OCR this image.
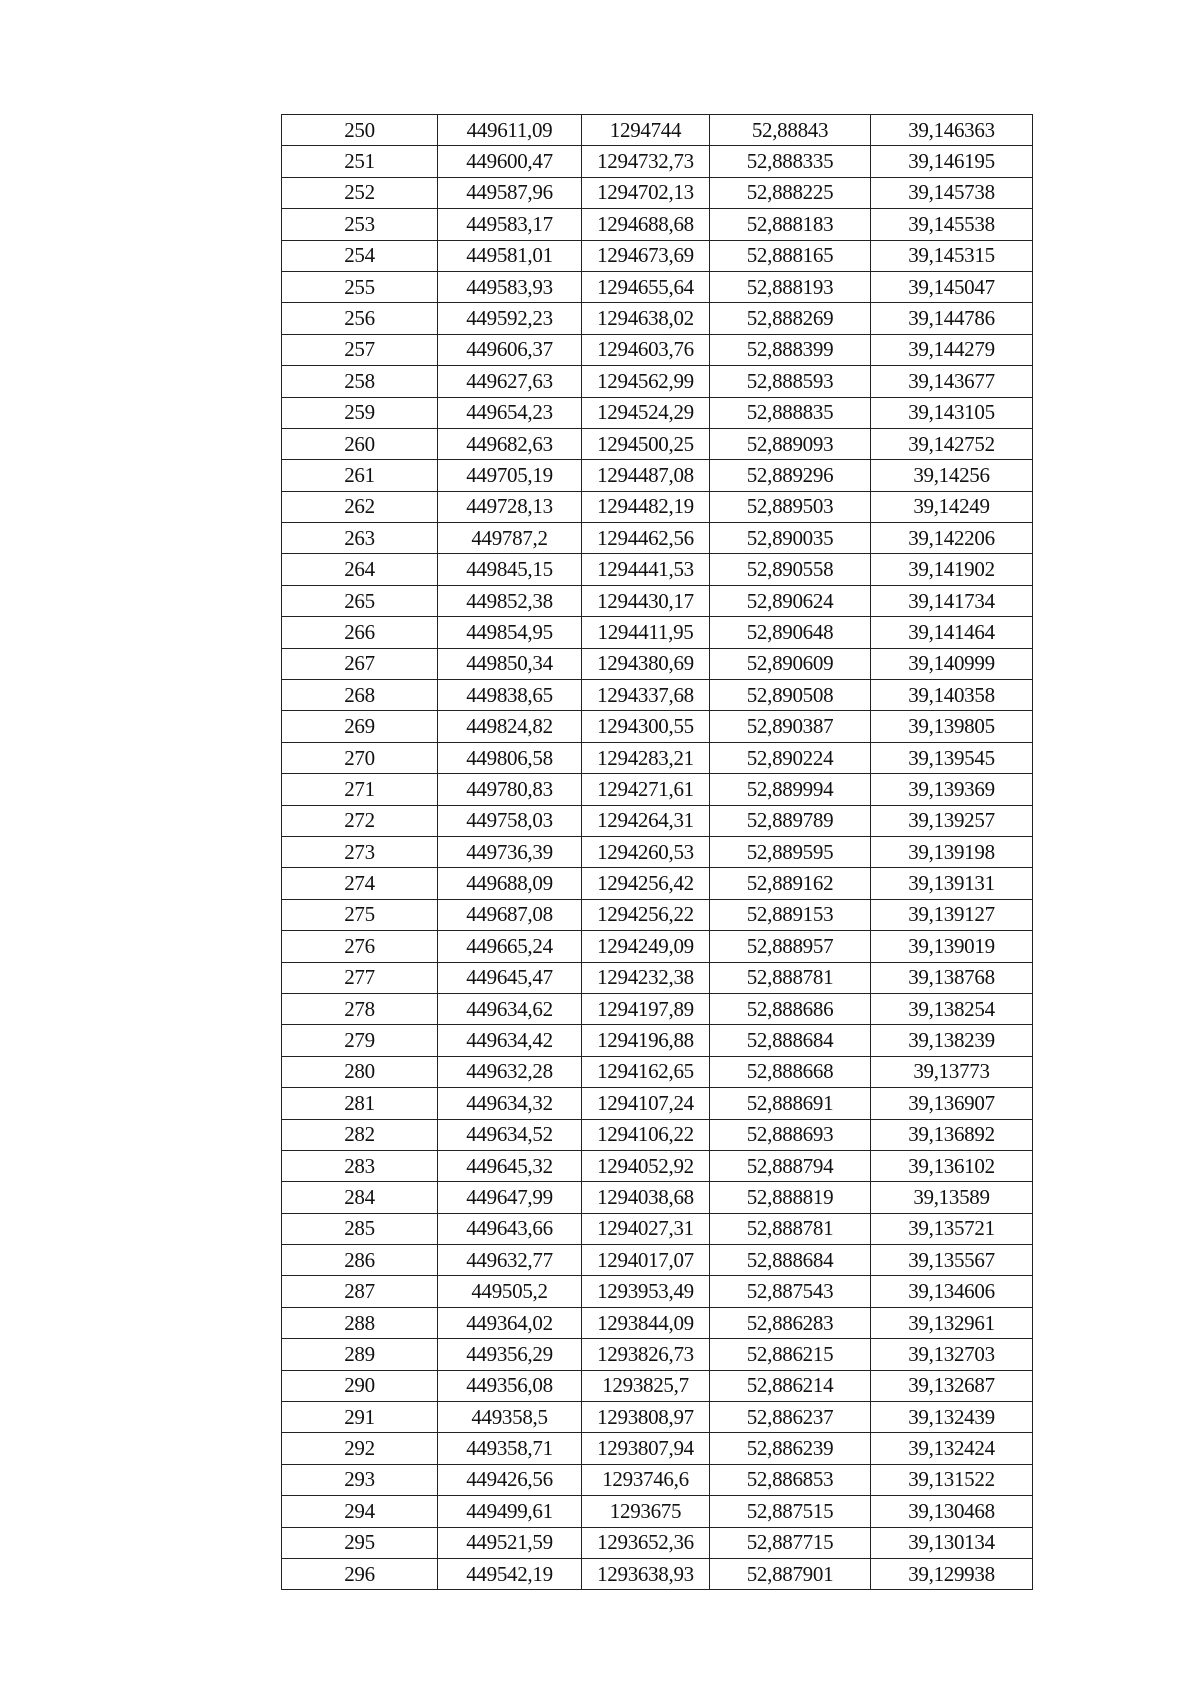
250	449611,09	1294744	52,88843	39,146363
251	449600,47	1294732,73	52,888335	39,146195
252	449587,96	1294702,13	52,888225	39,145738
253	449583,17	1294688,68	52,888183	39,145538
254	449581,01	1294673,69	52,888165	39,145315
255	449583,93	1294655,64	52,888193	39,145047
256	449592,23	1294638,02	52,888269	39,144786
257	449606,37	1294603,76	52,888399	39,144279
258	449627,63	1294562,99	52,888593	39,143677
259	449654,23	1294524,29	52,888835	39,143105
260	449682,63	1294500,25	52,889093	39,142752
261	449705,19	1294487,08	52,889296	39,14256
262	449728,13	1294482,19	52,889503	39,14249
263	449787,2	1294462,56	52,890035	39,142206
264	449845,15	1294441,53	52,890558	39,141902
265	449852,38	1294430,17	52,890624	39,141734
266	449854,95	1294411,95	52,890648	39,141464
267	449850,34	1294380,69	52,890609	39,140999
268	449838,65	1294337,68	52,890508	39,140358
269	449824,82	1294300,55	52,890387	39,139805
270	449806,58	1294283,21	52,890224	39,139545
271	449780,83	1294271,61	52,889994	39,139369
272	449758,03	1294264,31	52,889789	39,139257
273	449736,39	1294260,53	52,889595	39,139198
274	449688,09	1294256,42	52,889162	39,139131
275	449687,08	1294256,22	52,889153	39,139127
276	449665,24	1294249,09	52,888957	39,139019
277	449645,47	1294232,38	52,888781	39,138768
278	449634,62	1294197,89	52,888686	39,138254
279	449634,42	1294196,88	52,888684	39,138239
280	449632,28	1294162,65	52,888668	39,13773
281	449634,32	1294107,24	52,888691	39,136907
282	449634,52	1294106,22	52,888693	39,136892
283	449645,32	1294052,92	52,888794	39,136102
284	449647,99	1294038,68	52,888819	39,13589
285	449643,66	1294027,31	52,888781	39,135721
286	449632,77	1294017,07	52,888684	39,135567
287	449505,2	1293953,49	52,887543	39,134606
288	449364,02	1293844,09	52,886283	39,132961
289	449356,29	1293826,73	52,886215	39,132703
290	449356,08	1293825,7	52,886214	39,132687
291	449358,5	1293808,97	52,886237	39,132439
292	449358,71	1293807,94	52,886239	39,132424
293	449426,56	1293746,6	52,886853	39,131522
294	449499,61	1293675	52,887515	39,130468
295	449521,59	1293652,36	52,887715	39,130134
296	449542,19	1293638,93	52,887901	39,129938
